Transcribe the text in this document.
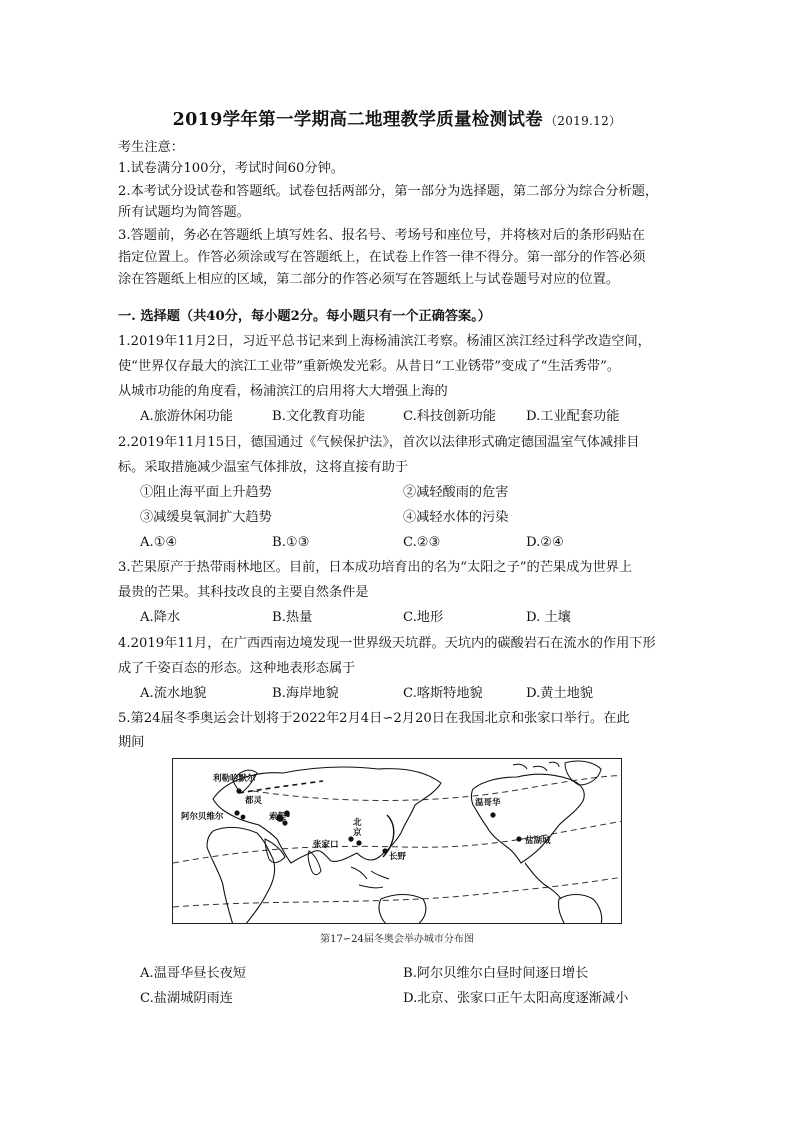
2019学年第一学期高二地理教学质量检测试卷 （2019.12）
考生注意：
1.试卷满分100分，考试时间60分钟。
2.本考试分设试卷和答题纸。试卷包括两部分，第一部分为选择题，第二部分为综合分析题，
所有试题均为简答题。
3.答题前，务必在答题纸上填写姓名、报名号、考场号和座位号，并将核对后的条形码贴在
指定位置上。作答必须涂或写在答题纸上，在试卷上作答一律不得分。第一部分的作答必须
涂在答题纸上相应的区域，第二部分的作答必须写在答题纸上与试卷题号对应的位置。
一. 选择题（共40分，每小题2分。每小题只有一个正确答案。）
1.2019年11月2日，习近平总书记来到上海杨浦滨江考察。杨浦区滨江经过科学改造空间，
使“世界仅存最大的滨江工业带”重新焕发光彩。从昔日“工业锈带”变成了“生活秀带”。
从城市功能的角度看，杨浦滨江的启用将大大增强上海的
A.旅游休闲功能	B.文化教育功能	C.科技创新功能 D.工业配套功能
2.2019年11月15日，德国通过《气候保护法》，首次以法律形式确定德国温室气体减排目
标。采取措施减少温室气体排放，这将直接有助于
①阻止海平面上升趋势	②减轻酸雨的危害
③减缓臭氧洞扩大趋势	④减轻水体的污染
A.①④	B.①③	C.②③	D.②④
3.芒果原产于热带雨林地区。目前，日本成功培育出的名为“太阳之子”的芒果成为世界上
最贵的芒果。其科技改良的主要自然条件是
A.降水	B.热量	C.地形	D. 土壤
4.2019年11月，在广西西南边境发现一世界级天坑群。天坑内的碳酸岩石在流水的作用下形
成了千姿百态的形态。这种地表形态属于
A.流水地貌	B.海岸地貌	C.喀斯特地貌	D.黄土地貌
5.第24届冬季奥运会计划将于2022年2月4日∽2月20日在我国北京和张家口举行。在此
期间
利勒哈默尔
阿尔贝维尔
都灵
索契
北
京
张家口
长野
温哥华
盐湖城
第17∽24届冬奥会举办城市分布图
A.温哥华昼长夜短	B.阿尔贝维尔白昼时间逐日增长
C.盐湖城阴雨连	D.北京、张家口正午太阳高度逐渐减小
